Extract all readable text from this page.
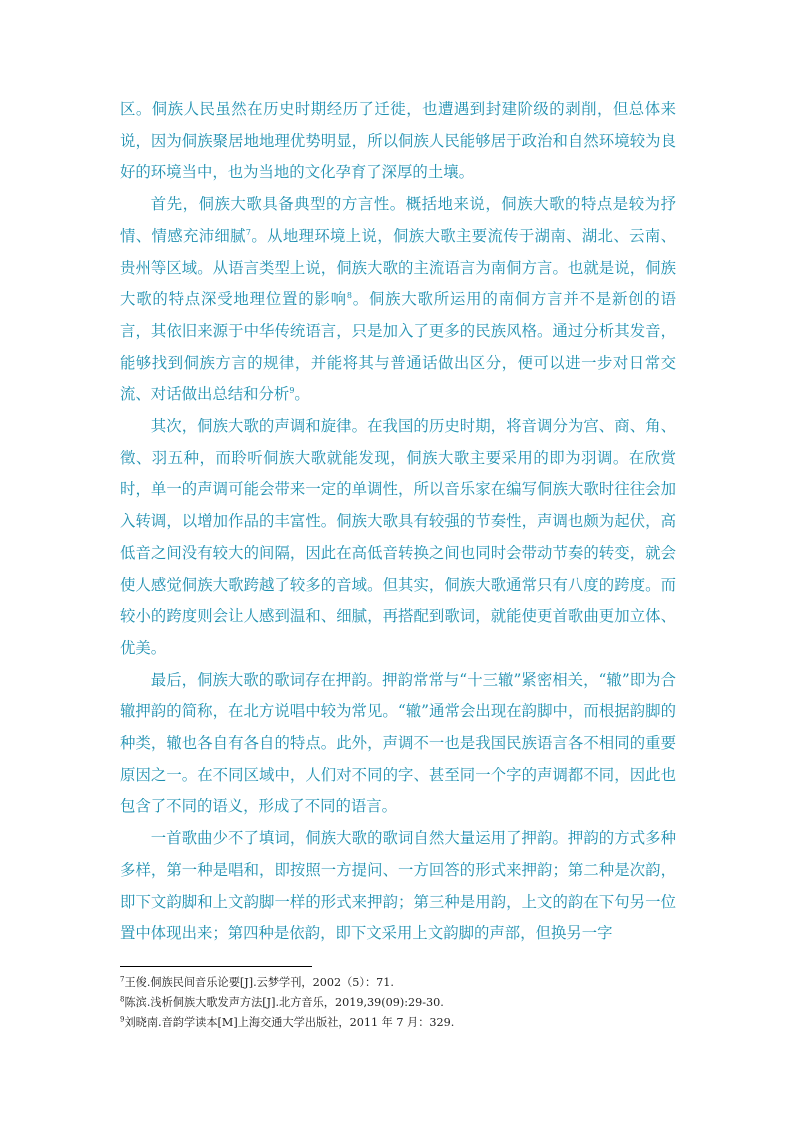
区。侗族人民虽然在历史时期经历了迁徙，也遭遇到封建阶级的剥削，但总体来说，因为侗族聚居地地理优势明显，所以侗族人民能够居于政治和自然环境较为良好的环境当中，也为当地的文化孕育了深厚的土壤。

首先，侗族大歌具备典型的方言性。概括地来说，侗族大歌的特点是较为抒情、情感充沛细腻$^7$。从地理环境上说，侗族大歌主要流传于湖南、湖北、云南、贵州等区域。从语言类型上说，侗族大歌的主流语言为南侗方言。也就是说，侗族大歌的特点深受地理位置的影响$^8$。侗族大歌所运用的南侗方言并不是新创的语言，其依旧来源于中华传统语言，只是加入了更多的民族风格。通过分析其发音，能够找到侗族方言的规律，并能将其与普通话做出区分，便可以进一步对日常交流、对话做出总结和分析$^9$。

其次，侗族大歌的声调和旋律。在我国的历史时期，将音调分为宫、商、角、徵、羽五种，而聆听侗族大歌就能发现，侗族大歌主要采用的即为羽调。在欣赏时，单一的声调可能会带来一定的单调性，所以音乐家在编写侗族大歌时往往会加入转调，以增加作品的丰富性。侗族大歌具有较强的节奏性，声调也颇为起伏，高低音之间没有较大的间隔，因此在高低音转换之间也同时会带动节奏的转变，就会使人感觉侗族大歌跨越了较多的音域。但其实，侗族大歌通常只有八度的跨度。而较小的跨度则会让人感到温和、细腻，再搭配到歌词，就能使更首歌曲更加立体、优美。

最后，侗族大歌的歌词存在押韵。押韵常常与“十三辙”紧密相关，“辙”即为合辙押韵的简称，在北方说唱中较为常见。“辙”通常会出现在韵脚中，而根据韵脚的种类，辙也各自有各自的特点。此外，声调不一也是我国民族语言各不相同的重要原因之一。在不同区域中，人们对不同的字、甚至同一个字的声调都不同，因此也包含了不同的语义，形成了不同的语言。

一首歌曲少不了填词，侗族大歌的歌词自然大量运用了押韵。押韵的方式多种多样，第一种是唱和，即按照一方提问、一方回答的形式来押韵；第二种是次韵，即下文韵脚和上文韵脚一样的形式来押韵；第三种是用韵，上文的韵在下句另一位置中体现出来；第四种是依韵，即下文采用上文韵脚的声部，但换另一字

$^7$王俊.侗族民间音乐论要[J].云梦学刊，2002（5）：71.
$^8$陈滨.浅析侗族大歌发声方法[J].北方音乐，2019,39(09):29-30.
$^9$刘晓南.音韵学读本[M]上海交通大学出版社，2011 年 7 月：329.
